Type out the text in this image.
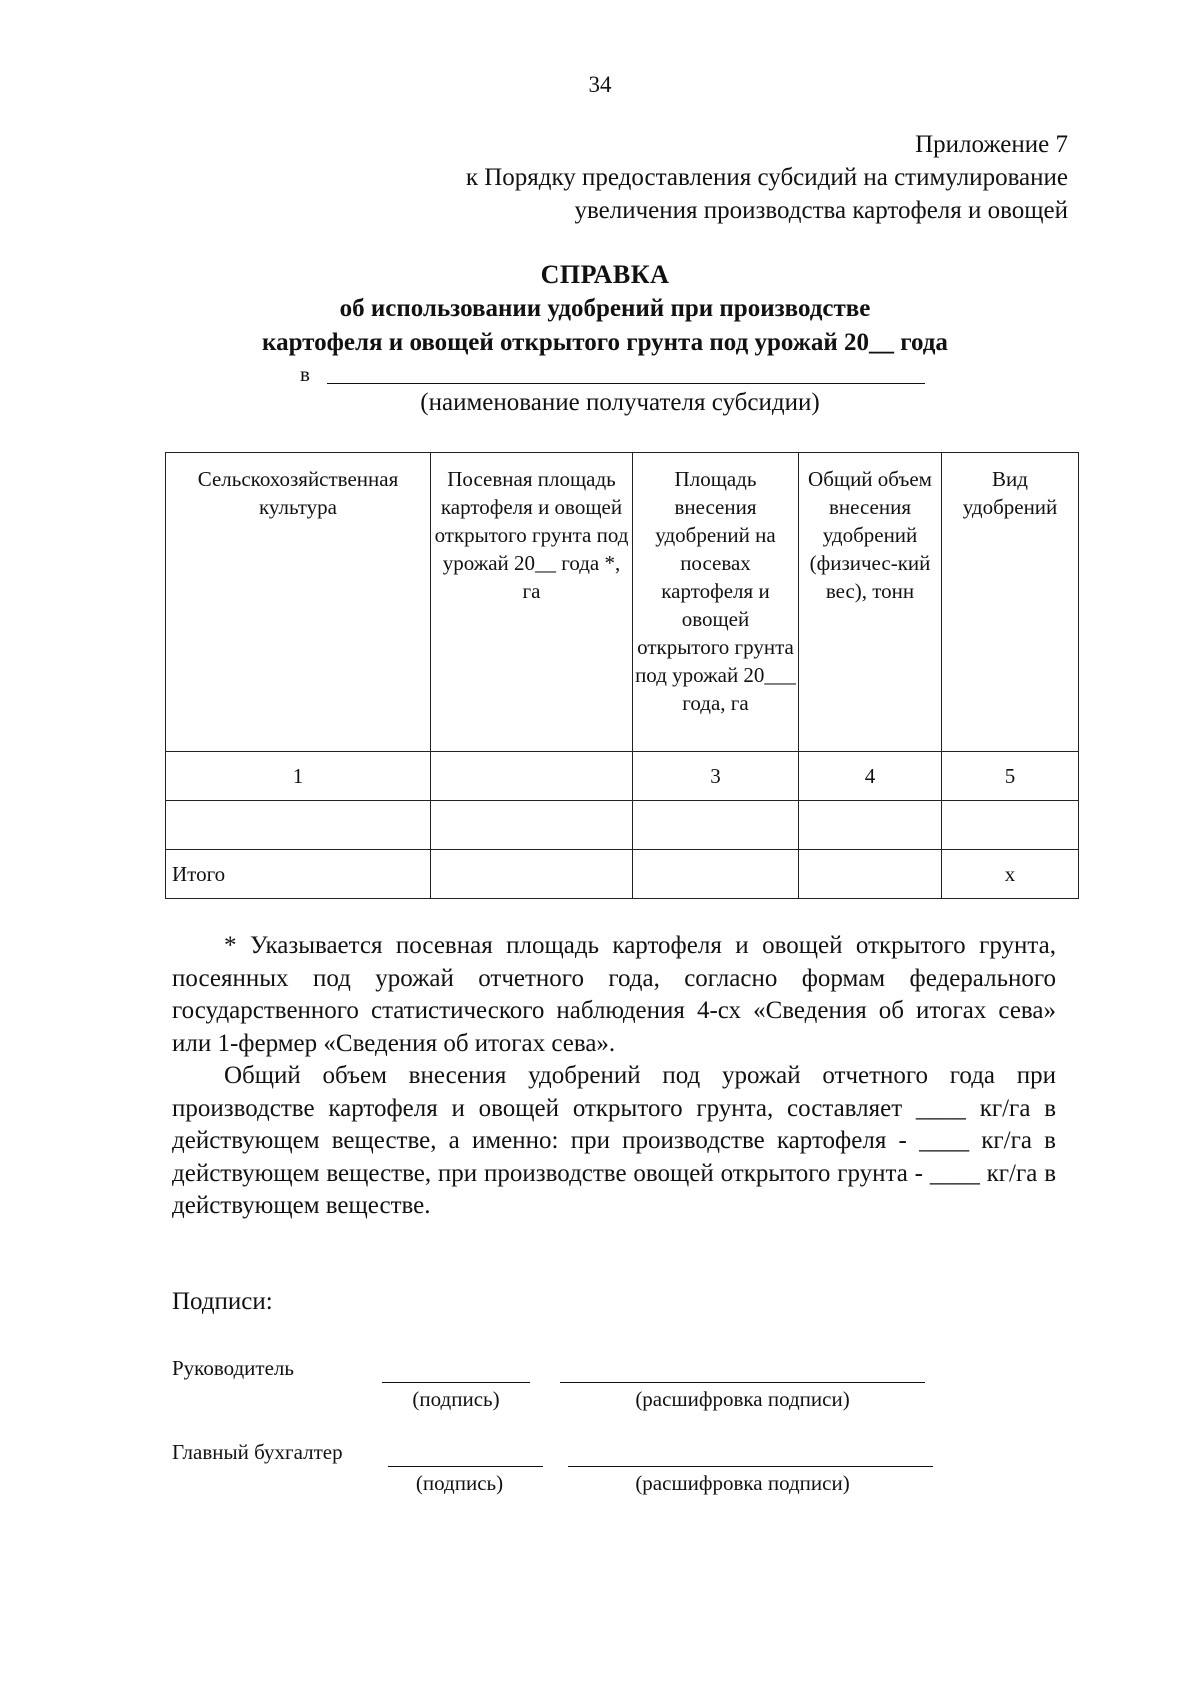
34
Приложение 7
к Порядку предоставления субсидий на стимулирование
увеличения производства картофеля и овощей
СПРАВКА
об использовании удобрений при производстве
картофеля и овощей открытого грунта под урожай 20__ года
в
(наименование получателя субсидии)
Сельскохозяйственная культура	Посевная площадь картофеля и овощей открытого грунта под урожай 20__ года *, га	Площадь внесения удобрений на посевах картофеля и овощей открытого грунта под урожай 20___ года, га	Общий объем внесения удобрений (физичес-кий вес), тонн	Вид удобрений
1		3	4	5

Итого				х

* Указывается посевная площадь картофеля и овощей открытого грунта, посеянных под урожай отчетного года, согласно формам федерального государственного статистического наблюдения 4-сх «Сведения об итогах сева» или 1-фермер «Сведения об итогах сева».

Общий объем внесения удобрений под урожай отчетного года при производстве картофеля и овощей открытого грунта, составляет ____ кг/га в действующем веществе, а именно: при производстве картофеля - ____ кг/га в действующем веществе, при производстве овощей открытого грунта - ____ кг/га в действующем веществе.

Подписи:
Руководитель
(подпись)	(расшифровка подписи)
Главный бухгалтер
(подпись)	(расшифровка подписи)
